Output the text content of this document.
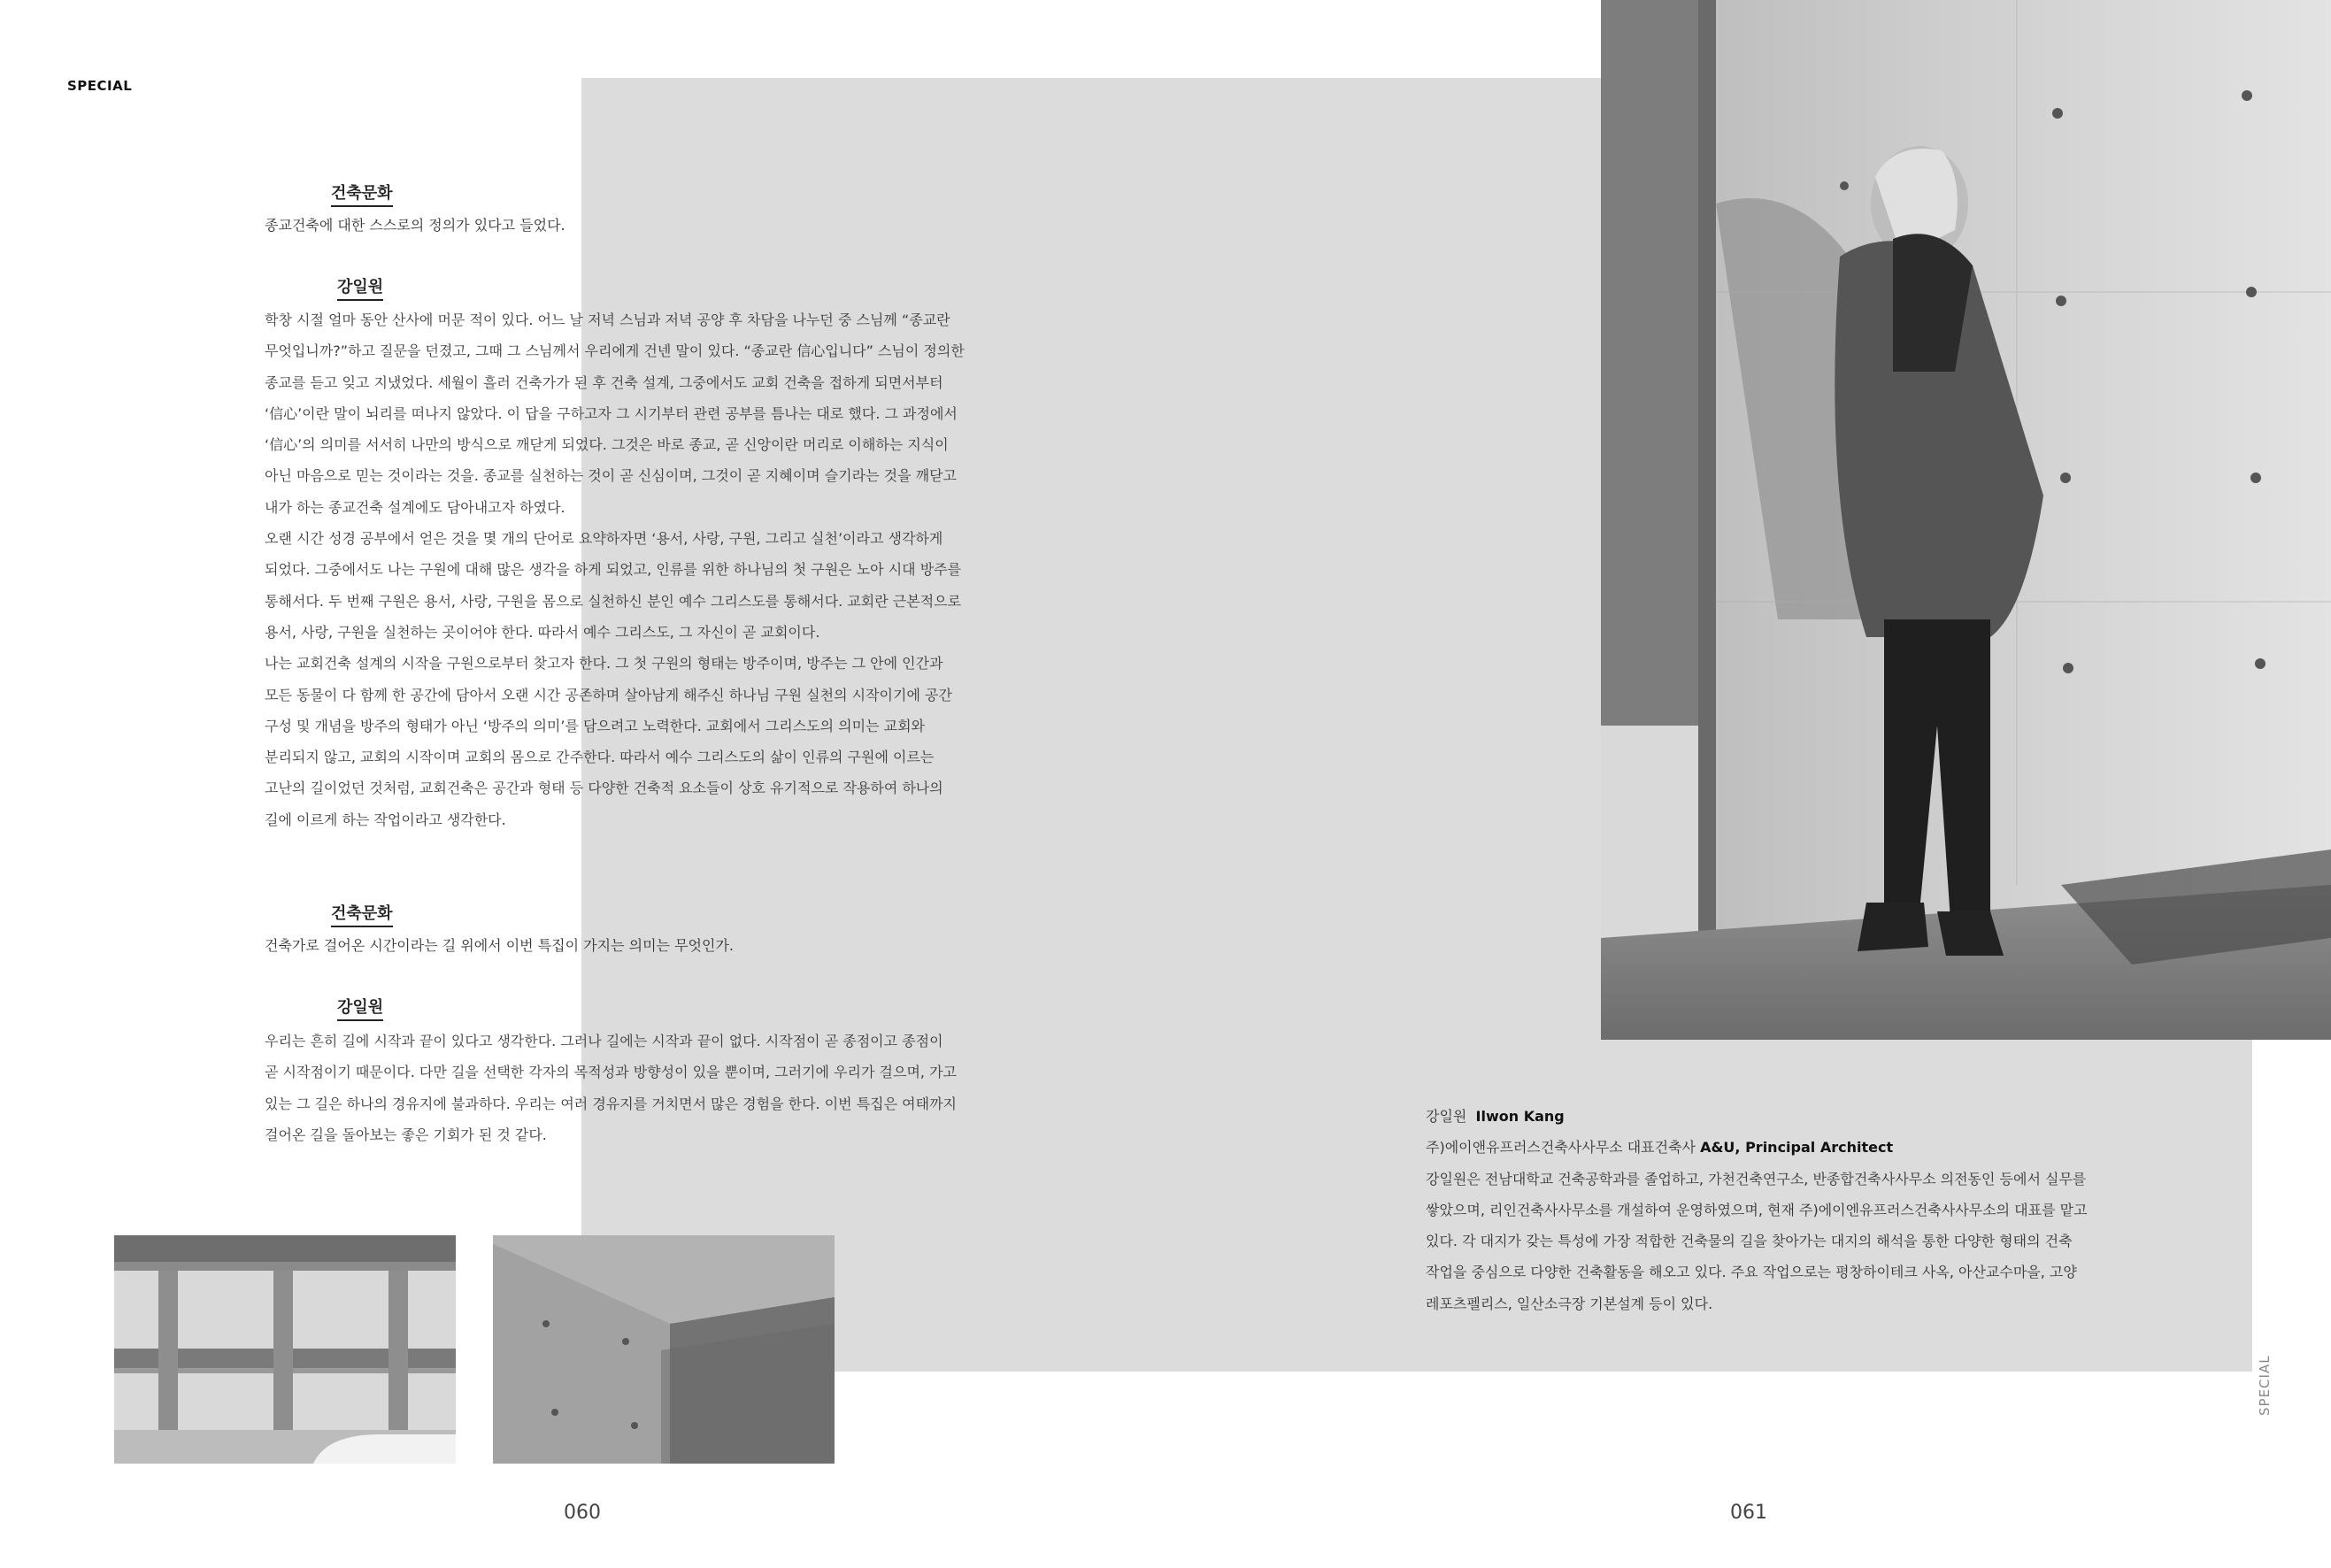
SPECIAL
건축문화
종교건축에 대한 스스로의 정의가 있다고 들었다.
강일원

학창 시절 얼마 동안 산사에 머문 적이 있다. 어느 날 저녁 스님과 저녁 공양 후 차담을 나누던 중 스님께 “종교란

무엇입니까?”하고 질문을 던졌고, 그때 그 스님께서 우리에게 건넨 말이 있다. “종교란 信心입니다” 스님이 정의한

종교를 듣고 잊고 지냈었다. 세월이 흘러 건축가가 된 후 건축 설계, 그중에서도 교회 건축을 접하게 되면서부터

‘信心’이란 말이 뇌리를 떠나지 않았다. 이 답을 구하고자 그 시기부터 관련 공부를 틈나는 대로 했다. 그 과정에서

‘信心’의 의미를 서서히 나만의 방식으로 깨닫게 되었다. 그것은 바로 종교, 곧 신앙이란 머리로 이해하는 지식이

아닌 마음으로 믿는 것이라는 것을. 종교를 실천하는 것이 곧 신심이며, 그것이 곧 지혜이며 슬기라는 것을 깨닫고

내가 하는 종교건축 설계에도 담아내고자 하였다.

오랜 시간 성경 공부에서 얻은 것을 몇 개의 단어로 요약하자면 ‘용서, 사랑, 구원, 그리고 실천’이라고 생각하게

되었다. 그중에서도 나는 구원에 대해 많은 생각을 하게 되었고, 인류를 위한 하나님의 첫 구원은 노아 시대 방주를

통해서다. 두 번째 구원은 용서, 사랑, 구원을 몸으로 실천하신 분인 예수 그리스도를 통해서다. 교회란 근본적으로

용서, 사랑, 구원을 실천하는 곳이어야 한다. 따라서 예수 그리스도, 그 자신이 곧 교회이다.

나는 교회건축 설계의 시작을 구원으로부터 찾고자 한다. 그 첫 구원의 형태는 방주이며, 방주는 그 안에 인간과

모든 동물이 다 함께 한 공간에 담아서 오랜 시간 공존하며 살아남게 해주신 하나님 구원 실천의 시작이기에 공간

구성 및 개념을 방주의 형태가 아닌 ‘방주의 의미’를 담으려고 노력한다. 교회에서 그리스도의 의미는 교회와

분리되지 않고, 교회의 시작이며 교회의 몸으로 간주한다. 따라서 예수 그리스도의 삶이 인류의 구원에 이르는

고난의 길이었던 것처럼, 교회건축은 공간과 형태 등 다양한 건축적 요소들이 상호 유기적으로 작용하여 하나의

길에 이르게 하는 작업이라고 생각한다.

건축문화
건축가로 걸어온 시간이라는 길 위에서 이번 특집이 가지는 의미는 무엇인가.
강일원

우리는 흔히 길에 시작과 끝이 있다고 생각한다. 그러나 길에는 시작과 끝이 없다. 시작점이 곧 종점이고 종점이

곧 시작점이기 때문이다. 다만 길을 선택한 각자의 목적성과 방향성이 있을 뿐이며, 그러기에 우리가 걸으며, 가고

있는 그 길은 하나의 경유지에 불과하다. 우리는 여러 경유지를 거치면서 많은 경험을 한다. 이번 특집은 여태까지

걸어온 길을 돌아보는 좋은 기회가 된 것 같다.

강일원 Ilwon Kang

주)에이앤유프러스건축사사무소 대표건축사 A&U, Principal Architect

강일원은 전남대학교 건축공학과를 졸업하고, 가천건축연구소, 반종합건축사사무소 의전동인 등에서 실무를

쌓았으며, 리인건축사사무소를 개설하여 운영하였으며, 현재 주)에이엔유프러스건축사사무소의 대표를 맡고

있다. 각 대지가 갖는 특성에 가장 적합한 건축물의 길을 찾아가는 대지의 해석을 통한 다양한 형태의 건축

작업을 중심으로 다양한 건축활동을 해오고 있다. 주요 작업으로는 평창하이테크 사옥, 아산교수마을, 고양

레포츠펠리스, 일산소극장 기본설계 등이 있다.

060	061
SPECIAL
